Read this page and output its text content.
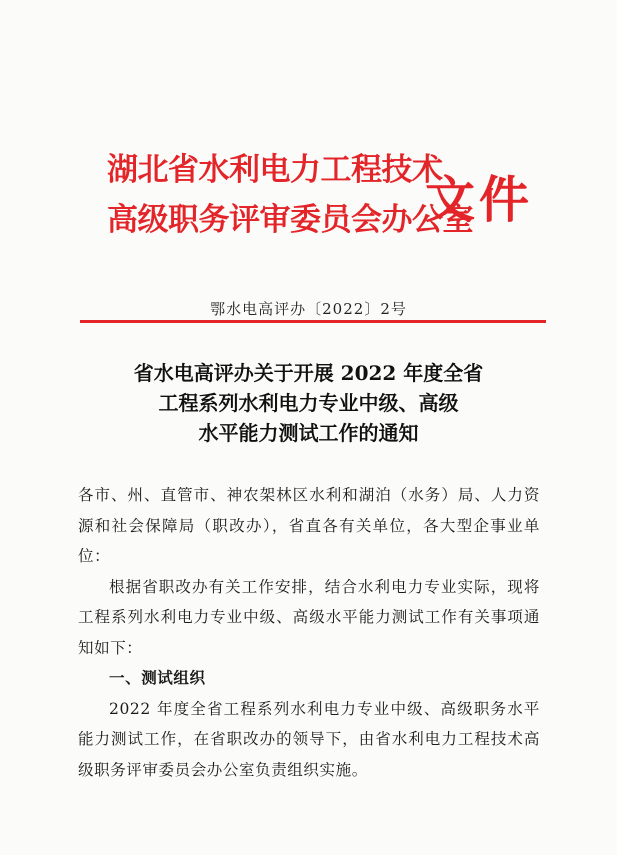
湖北省水利电力工程技术
高级职务评审委员会办公室
文件
鄂水电高评办〔2022〕2号
省水电高评办关于开展 2022 年度全省
工程系列水利电力专业中级、高级
水平能力测试工作的通知

各市、州、直管市、神农架林区水利和湖泊（水务）局、人力资源和社会保障局（职改办），省直各有关单位，各大型企事业单位：

根据省职改办有关工作安排，结合水利电力专业实际，现将工程系列水利电力专业中级、高级水平能力测试工作有关事项通知如下：

一、测试组织

2022 年度全省工程系列水利电力专业中级、高级职务水平能力测试工作，在省职改办的领导下，由省水利电力工程技术高级职务评审委员会办公室负责组织实施。
